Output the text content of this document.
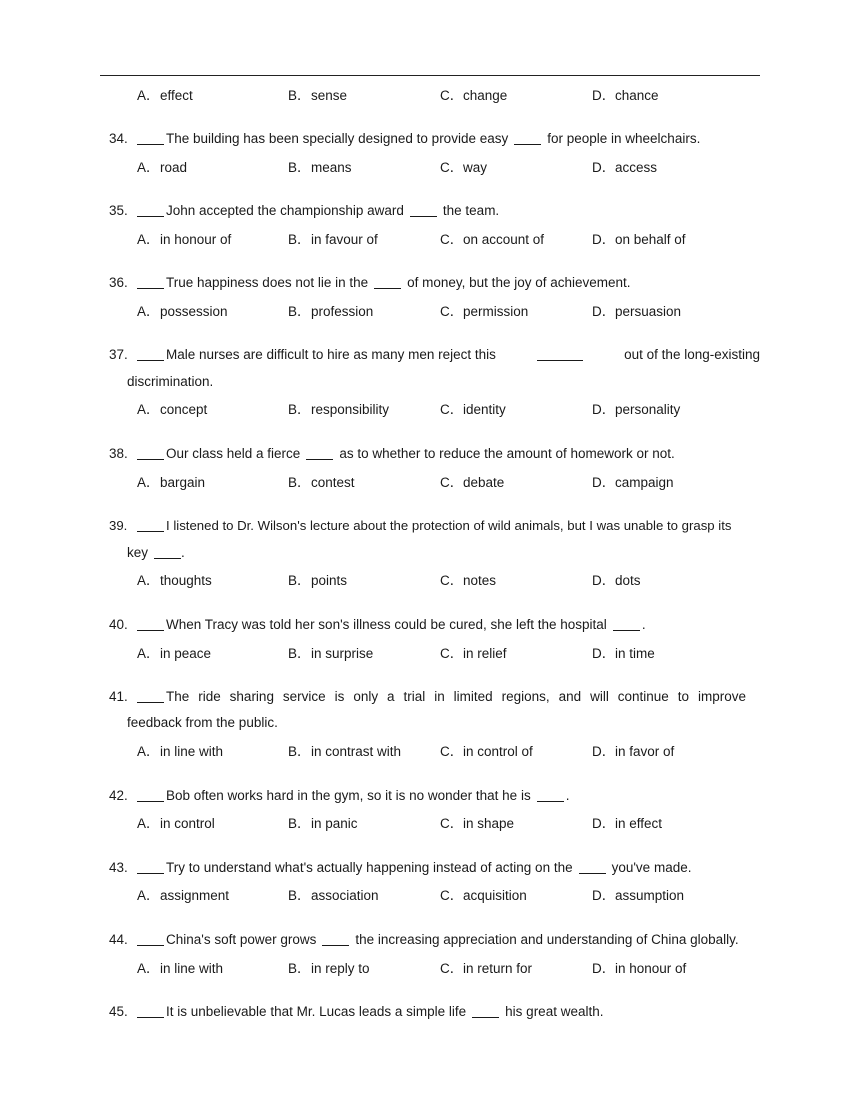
A．effect	B．sense	C．change	D．chance
34.	The building has been specially designed to provide easy	for people in wheelchairs.
A．road	B．means	C．way	D．access
35.	John accepted the championship award	the team.
A．in honour of	B．in favour of	C．on account of	D．on behalf of
36.	True happiness does not lie in the	of money, but the joy of achievement.
A．possession	B．profession	C．permission	D．persuasion
37.	Male nurses are difficult to hire as many men reject this	out of the long-existing
discrimination.
A．concept	B．responsibility	C．identity	D．personality
38.	Our class held a fierce	as to whether to reduce the amount of homework or not.
A．bargain	B．contest	C．debate	D．campaign
39.	I listened to Dr. Wilson's lecture about the protection of wild animals, but I was unable to grasp its
key .
A．thoughts	B．points	C．notes	D．dots
40.	When Tracy was told her son's illness could be cured, she left the hospital	.
A．in peace	B．in surprise	C．in relief	D．in time
41.	The ride sharing service is only a trial in limited regions, and will continue to improve
feedback from the public.
A．in line with	B．in contrast with	C．in control of	D．in favor of
42.	Bob often works hard in the gym, so it is no wonder that he is	.
A．in control	B．in panic	C．in shape	D．in effect
43.	Try to understand what's actually happening instead of acting on the	you've made.
A．assignment	B．association	C．acquisition	D．assumption
44.	China's soft power grows	the increasing appreciation and understanding of China globally.
A．in line with	B．in reply to	C．in return for	D．in honour of
45.	It is unbelievable that Mr. Lucas leads a simple life	his great wealth.
